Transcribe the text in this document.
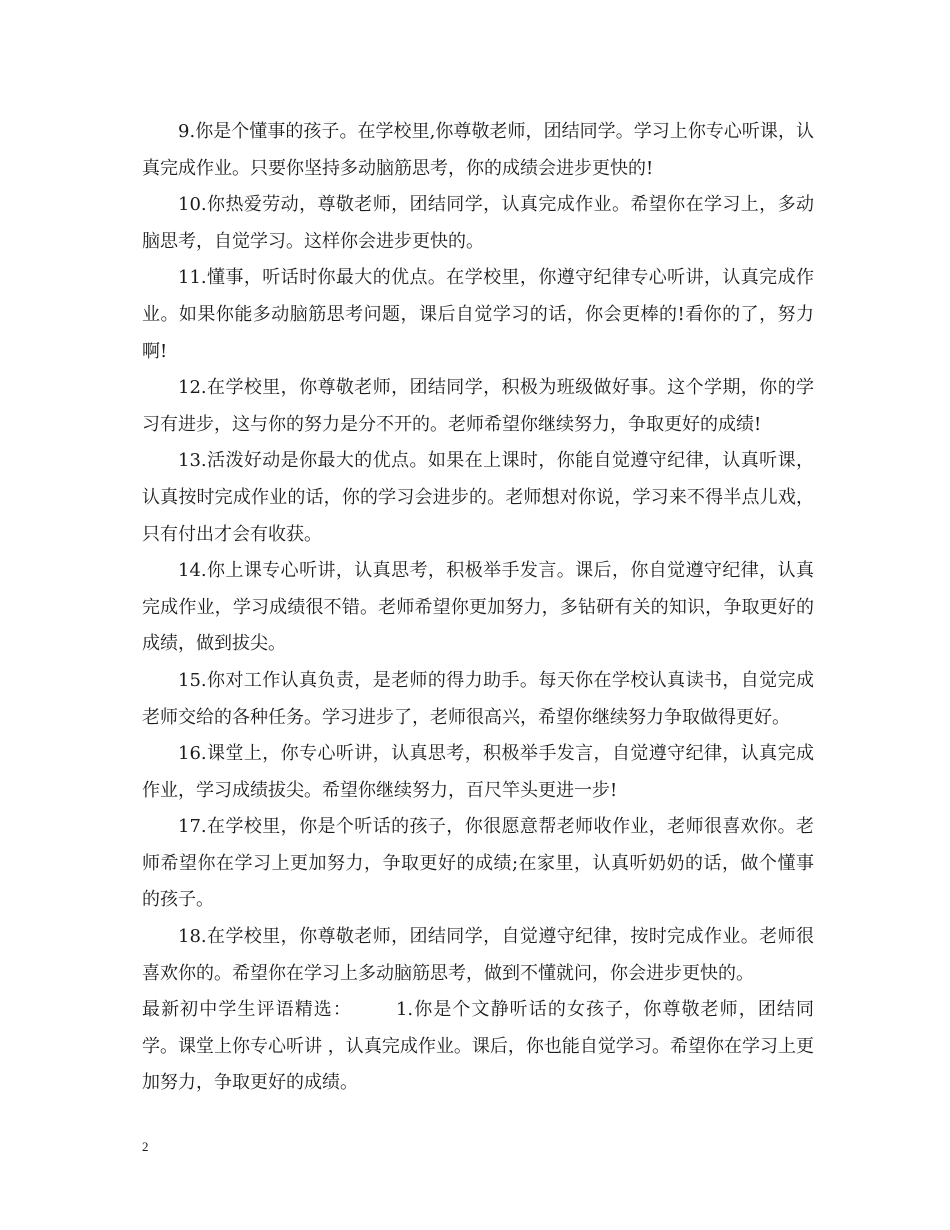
9.你是个懂事的孩子。在学校里,你尊敬老师，团结同学。学习上你专心听课，认真完成作业。只要你坚持多动脑筋思考，你的成绩会进步更快的!

10.你热爱劳动，尊敬老师，团结同学，认真完成作业。希望你在学习上，多动脑思考，自觉学习。这样你会进步更快的。

11.懂事，听话时你最大的优点。在学校里，你遵守纪律专心听讲，认真完成作业。如果你能多动脑筋思考问题，课后自觉学习的话，你会更棒的!看你的了，努力啊!

12.在学校里，你尊敬老师，团结同学，积极为班级做好事。这个学期，你的学习有进步，这与你的努力是分不开的。老师希望你继续努力，争取更好的成绩!

13.活泼好动是你最大的优点。如果在上课时，你能自觉遵守纪律，认真听课，认真按时完成作业的话，你的学习会进步的。老师想对你说，学习来不得半点儿戏，只有付出才会有收获。

14.你上课专心听讲，认真思考，积极举手发言。课后，你自觉遵守纪律，认真完成作业，学习成绩很不错。老师希望你更加努力，多钻研有关的知识，争取更好的成绩，做到拔尖。

15.你对工作认真负责，是老师的得力助手。每天你在学校认真读书，自觉完成老师交给的各种任务。学习进步了，老师很高兴，希望你继续努力争取做得更好。

16.课堂上，你专心听讲，认真思考，积极举手发言，自觉遵守纪律，认真完成作业，学习成绩拔尖。希望你继续努力，百尺竿头更进一步!

17.在学校里，你是个听话的孩子，你很愿意帮老师收作业，老师很喜欢你。老师希望你在学习上更加努力，争取更好的成绩;在家里，认真听奶奶的话，做个懂事的孩子。

18.在学校里，你尊敬老师，团结同学，自觉遵守纪律，按时完成作业。老师很喜欢你的。希望你在学习上多动脑筋思考，做到不懂就问，你会进步更快的。

最新初中学生评语精选： 1.你是个文静听话的女孩子，你尊敬老师，团结同学。课堂上你专心听讲 ，认真完成作业。课后，你也能自觉学习。希望你在学习上更加努力，争取更好的成绩。

2
